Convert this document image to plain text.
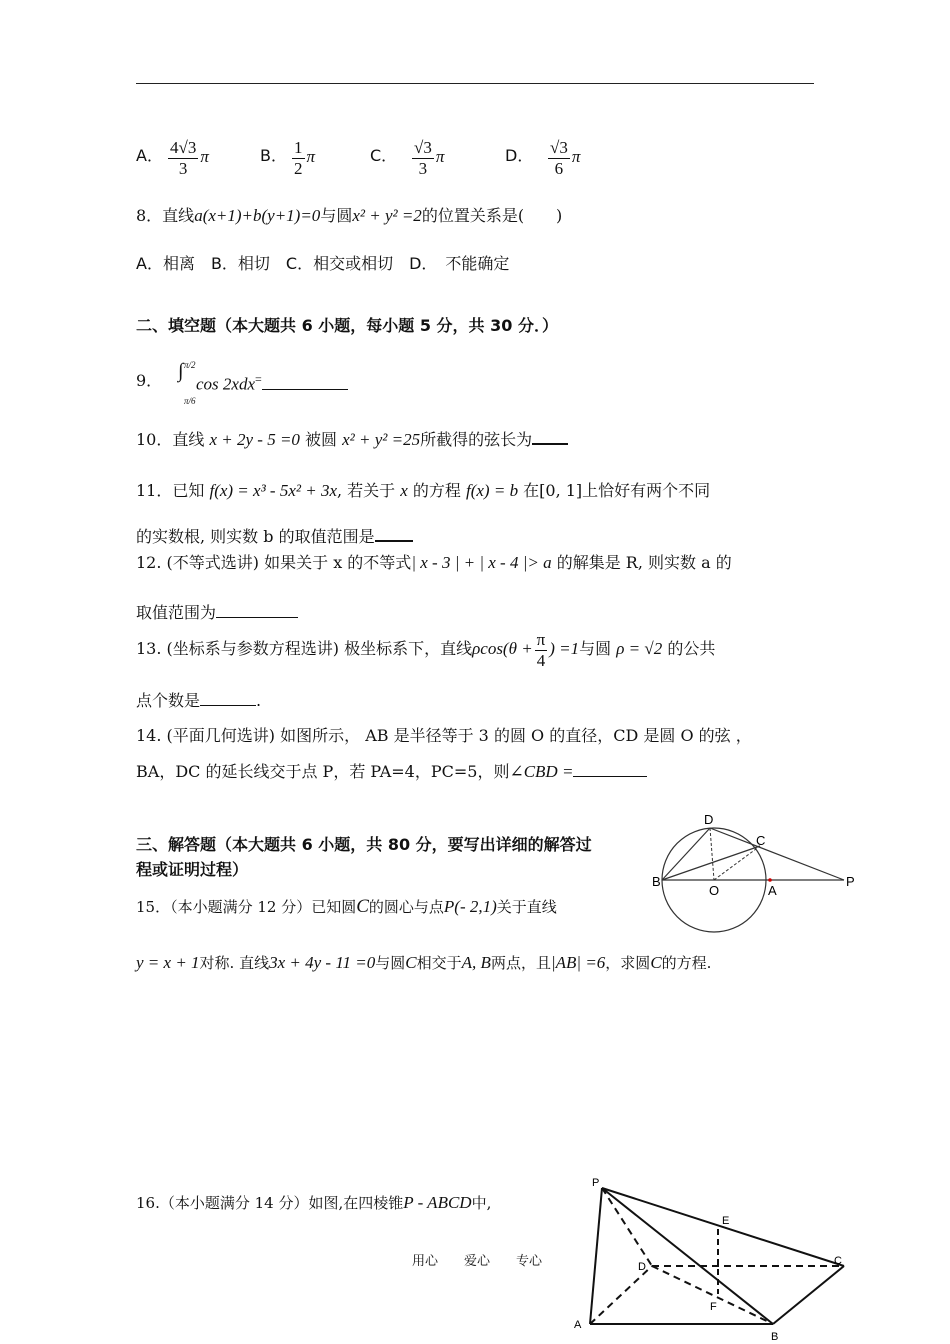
A． $\frac{4√3}{3}$ π	B． $\frac{1}{2}$ π	C． $\frac{√3}{3}$ π	D． $\frac{√3}{6}$ π
8．直线a(x+1)+b(y+1)=0与圆x² + y² =2的位置关系是(　　)
A．相离　B．相切　C．相交或相切　D．　不能确定
二、填空题（本大题共 6 小题，每小题 5 分，共 30 分．）
9． ∫ π/2
π/6
cos 2xdx=
10．直线 x + 2y - 5 =0 被圆 x² + y² =25所截得的弦长为
11．已知 f(x) = x³ - 5x² + 3x, 若关于 x 的方程 f(x) = b 在[0, 1]上恰好有两个不同
的实数根, 则实数 b 的取值范围是
12. (不等式选讲) 如果关于 x 的不等式| x - 3 | + | x - 4 |> a 的解集是 R, 则实数 a 的
取值范围为
13. (坐标系与参数方程选讲) 极坐标系下，直线$\rho\cos(\theta + \frac{\pi}{4}$ ) =1与圆 ρ = √2 的公共
点个数是	.
14. (平面几何选讲) 如图所示， AB 是半径等于 3 的圆 O 的直径，CD 是圆 O 的弦 ，
BA，DC 的延长线交于点 P，若 PA=4，PC=5，则∠CBD =
三、解答题（本大题共 6 小题，共 80 分，要写出详细的解答过
程或证明过程）
15．（本小题满分 12 分）已知圆C的圆心与点P(- 2,1)关于直线
y = x + 1对称. 直线3x + 4y - 11 =0与圆C相交于A, B两点，且|AB| =6，求圆C的方程.
16.（本小题满分 14 分）如图,在四棱锥P - ABCD中,
用心　　爱心　　专心
D
C
B
O	A
P
P
E
C
D
F
A
B
